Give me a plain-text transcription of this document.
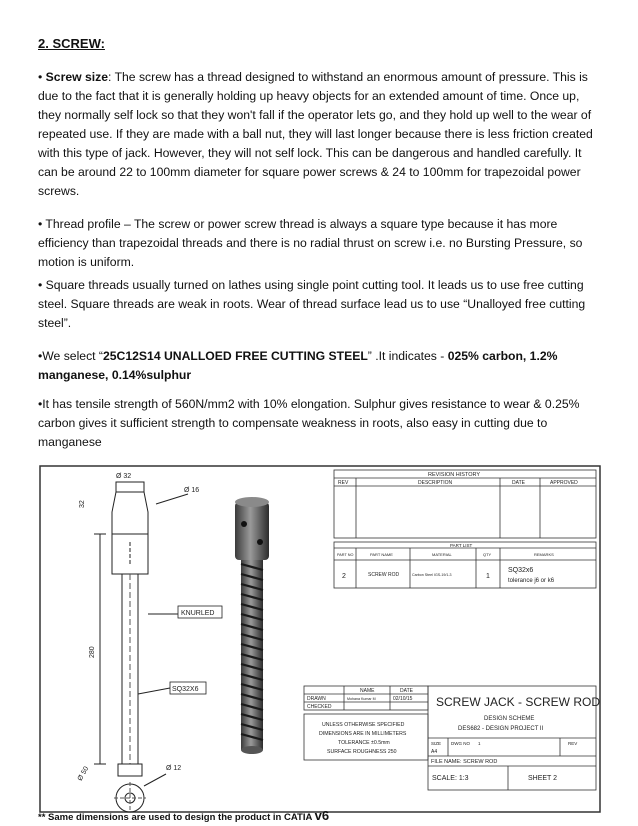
2. SCREW:
• Screw size: The screw has a thread designed to withstand an enormous amount of pressure. This is due to the fact that it is generally holding up heavy objects for an extended amount of time. Once up, they normally self lock so that they won't fall if the operator lets go, and they hold up well to the wear of repeated use. If they are made with a ball nut, they will last longer because there is less friction created with this type of jack. However, they will not self lock. This can be dangerous and handled carefully. It can be around 22 to 100mm diameter for square power screws & 24 to 100mm for trapezoidal power screws.
• Thread profile – The screw or power screw thread is always a square type because it has more efficiency than trapezoidal threads and there is no radial thrust on screw i.e. no Bursting Pressure, so motion is uniform.
• Square threads usually turned on lathes using single point cutting tool. It leads us to use free cutting steel. Square threads are weak in roots. Wear of thread surface lead us to use “Unalloyed free cutting steel”.
•We select “25C12S14 UNALLOED FREE CUTTING STEEL” .It indicates - 025% carbon, 1.2% manganese, 0.14%sulphur
•It has tensile strength of 560N/mm2 with 10% elongation. Sulphur gives resistance to wear & 0.25% carbon gives it sufficient strength to compensate weakness in roots, also easy in cutting due to manganese
Ø 32
Ø 16
32
280
KNURLED
SQ32X6
Ø 50	Ø 12
REVISION HISTORY
REV	DESCRIPTION	DATE	APPROVED
PART LIST
PART NO	PART NAME	MATERIAL	QTY	REMARKS
2	SCREW ROD	Carbon Steel IGS-19/1-3	1
SQ32x6
tolerance j6 or k6
NAME	DATE
DRAWN	Mohana Kumar M	02/10/15
CHECKED
UNLESS OTHERWISE SPECIFIED
DIMENSIONS ARE IN MILLIMETERS
TOLERANCE ±0.5mm
SURFACE ROUGHNESS 250
SCREW JACK - SCREW ROD
DESIGN SCHEME
DES682 - DESIGN PROJECT II
SIZE
A4
DWG NO 1	REV
FILE NAME: SCREW ROD
SCALE: 1:3	SHEET 2
** Same dimensions are used to design the product in CATIA v6
